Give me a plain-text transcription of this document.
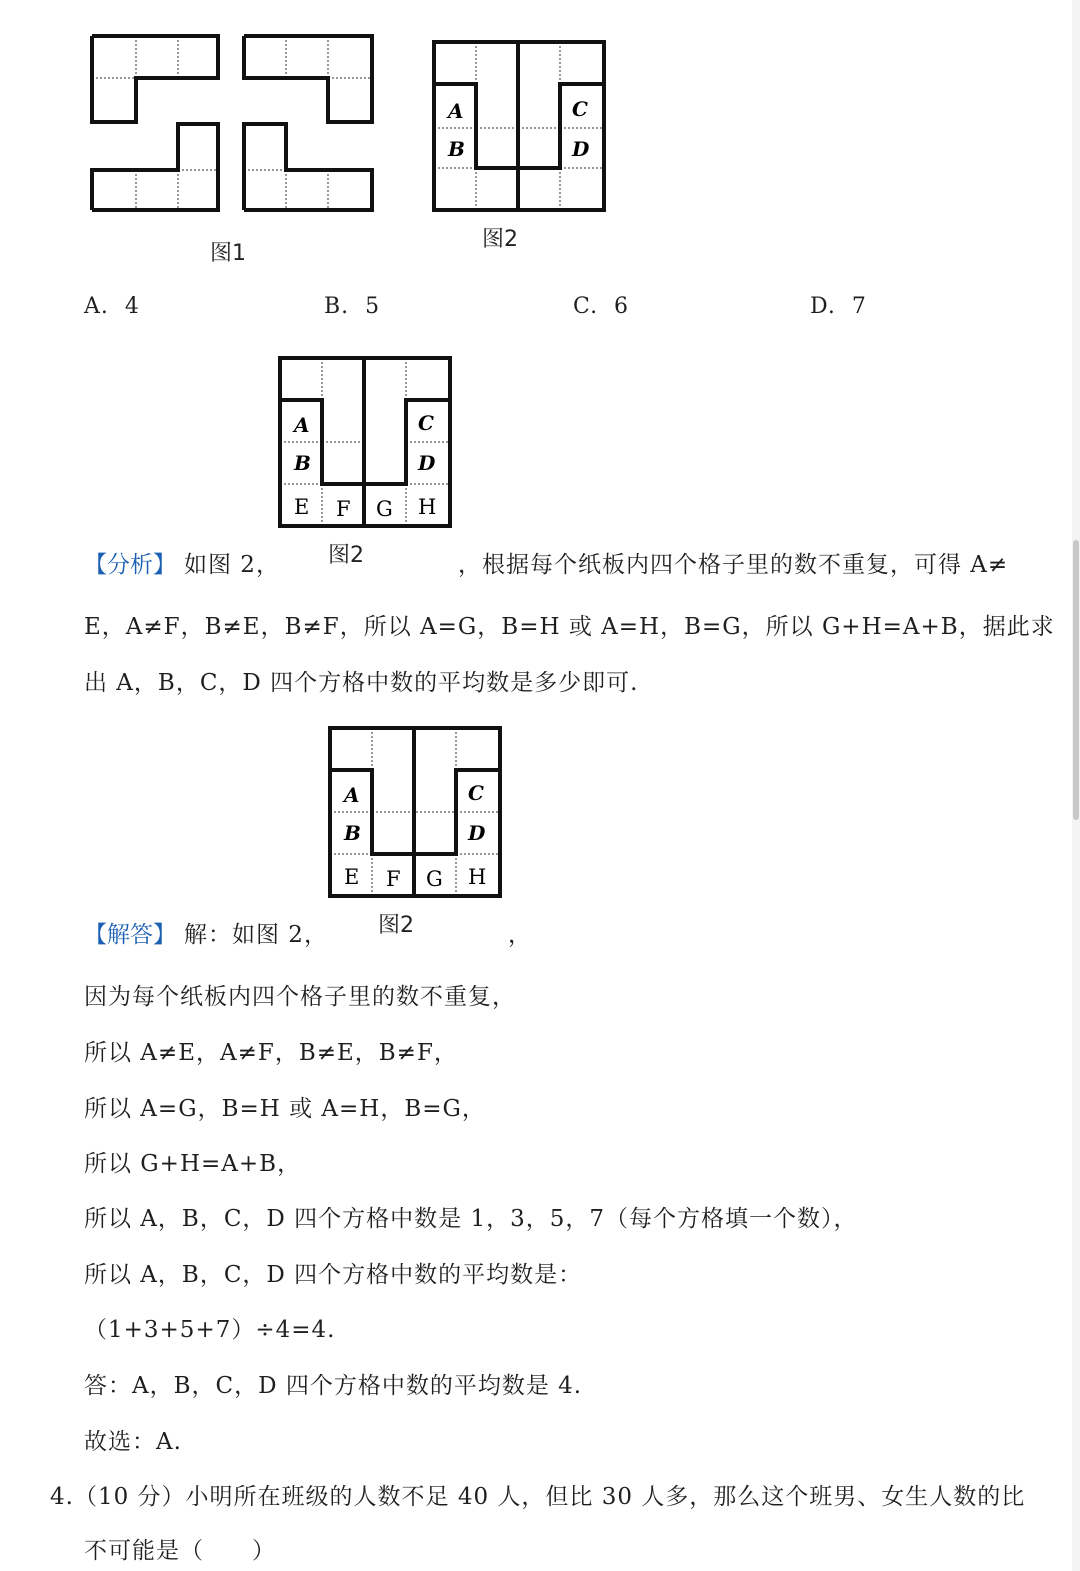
图1
A
B
C
D
图2
A.  4	B.  5	C.  6	D.  7
A
B
C
D
E F G H
图2
【分析】 如图 2，	，根据每个纸板内四个格子里的数不重复，可得 A≠
E，A≠F，B≠E，B≠F，所以 A=G，B=H 或 A=H，B=G，所以 G+H=A+B，据此求
出 A，B，C，D 四个方格中数的平均数是多少即可.
A
B
C
D
E F G H
图2
【解答】 解：如图 2，	，
因为每个纸板内四个格子里的数不重复，
所以 A≠E，A≠F，B≠E，B≠F，
所以 A=G，B=H 或 A=H，B=G，
所以 G+H=A+B，
所以 A，B，C，D 四个方格中数是 1，3，5，7（每个方格填一个数），
所以 A，B，C，D 四个方格中数的平均数是：
（1+3+5+7）÷4=4.
答：A，B，C，D 四个方格中数的平均数是 4.
故选：A.
4.（10 分）小明所在班级的人数不足 40 人，但比 30 人多，那么这个班男、女生人数的比
不可能是（　　）
